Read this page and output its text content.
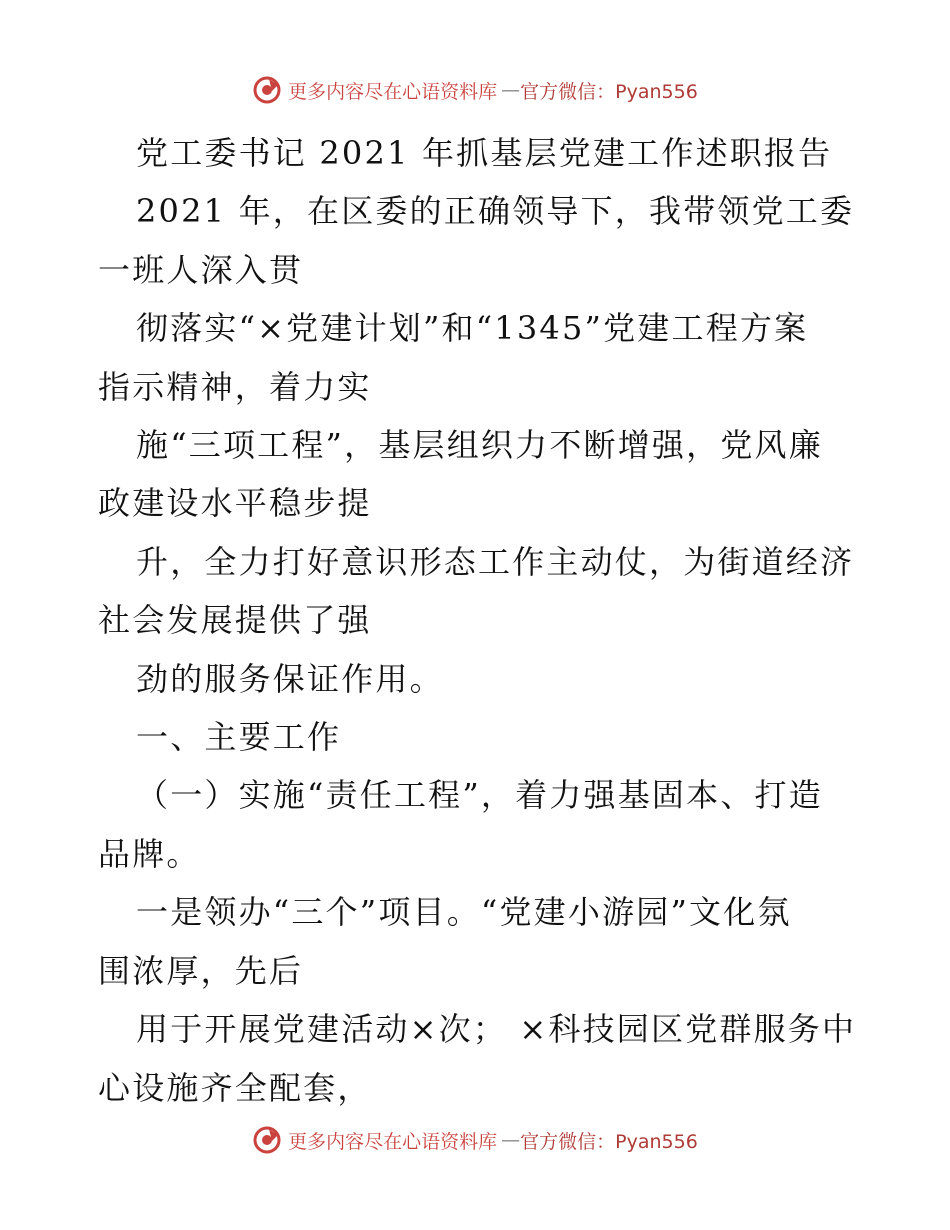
更多内容尽在心语资料库 — 官方微信：Pyan556

党工委书记 2021 年抓基层党建工作述职报告

2021 年，在区委的正确领导下，我带领党工委

一班人深入贯

彻落实“×党建计划”和“1345”党建工程方案

指示精神，着力实

施“三项工程”，基层组织力不断增强，党风廉

政建设水平稳步提

升，全力打好意识形态工作主动仗，为街道经济

社会发展提供了强

劲的服务保证作用。

一、主要工作

（一）实施“责任工程”，着力强基固本、打造

品牌。

一是领办“三个”项目。“党建小游园”文化氛

围浓厚，先后

用于开展党建活动×次； ×科技园区党群服务中

心设施齐全配套，

更多内容尽在心语资料库 — 官方微信：Pyan556
